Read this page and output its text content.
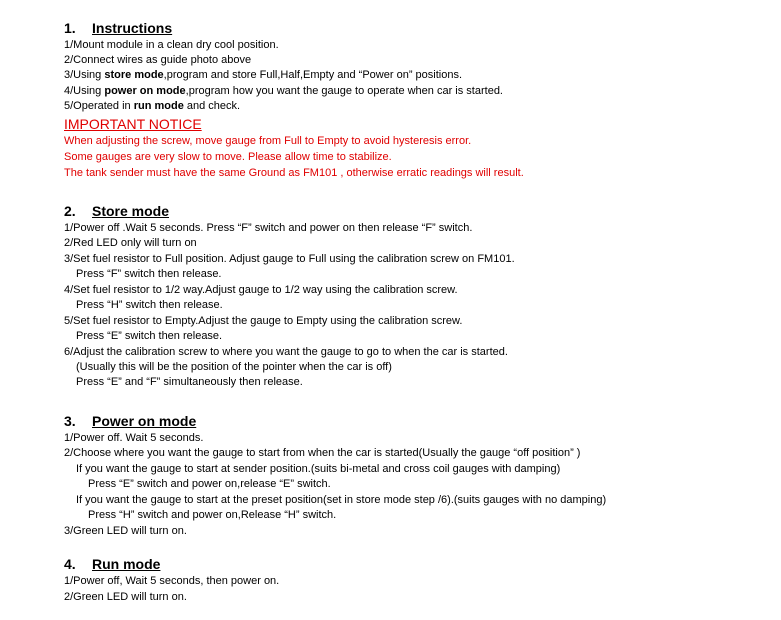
1. Instructions
1/Mount module in a clean dry cool position.
2/Connect wires as guide photo above
3/Using store mode,program and store Full,Half,Empty and “Power on” positions.
4/Using power on mode,program how you want the gauge to operate when car is started.
5/Operated in run mode and check.
IMPORTANT NOTICE
When adjusting the screw, move gauge from Full to Empty to avoid hysteresis error.
Some gauges are very slow to move. Please allow time to stabilize.
The tank sender must have the same Ground as FM101 , otherwise erratic readings will result.
2. Store mode
1/Power off .Wait 5 seconds. Press “F” switch and power on then release “F” switch.
2/Red LED only will turn on
3/Set fuel resistor to Full position. Adjust gauge to Full using the calibration screw on FM101.
Press “F” switch then release.
4/Set fuel resistor to 1/2 way.Adjust gauge to 1/2 way using the calibration screw.
Press “H” switch then release.
5/Set fuel resistor to Empty.Adjust the gauge to Empty using the calibration screw.
Press “E” switch then release.
6/Adjust the calibration screw to where you want the gauge to go to when the car is started.
(Usually this will be the position of the pointer when the car is off)
Press “E” and “F” simultaneously then release.
3. Power on mode
1/Power off. Wait 5 seconds.
2/Choose where you want the gauge to start from when the car is started(Usually the gauge “off position” )
If you want the gauge to start at sender position.(suits bi-metal and cross coil gauges with damping)
Press “E” switch and power on,release “E” switch.
If you want the gauge to start at the preset position(set in store mode step /6).(suits gauges with no damping)
Press “H” switch and power on,Release “H” switch.
3/Green LED will turn on.
4. Run mode
1/Power off, Wait 5 seconds, then power on.
2/Green LED will turn on.
